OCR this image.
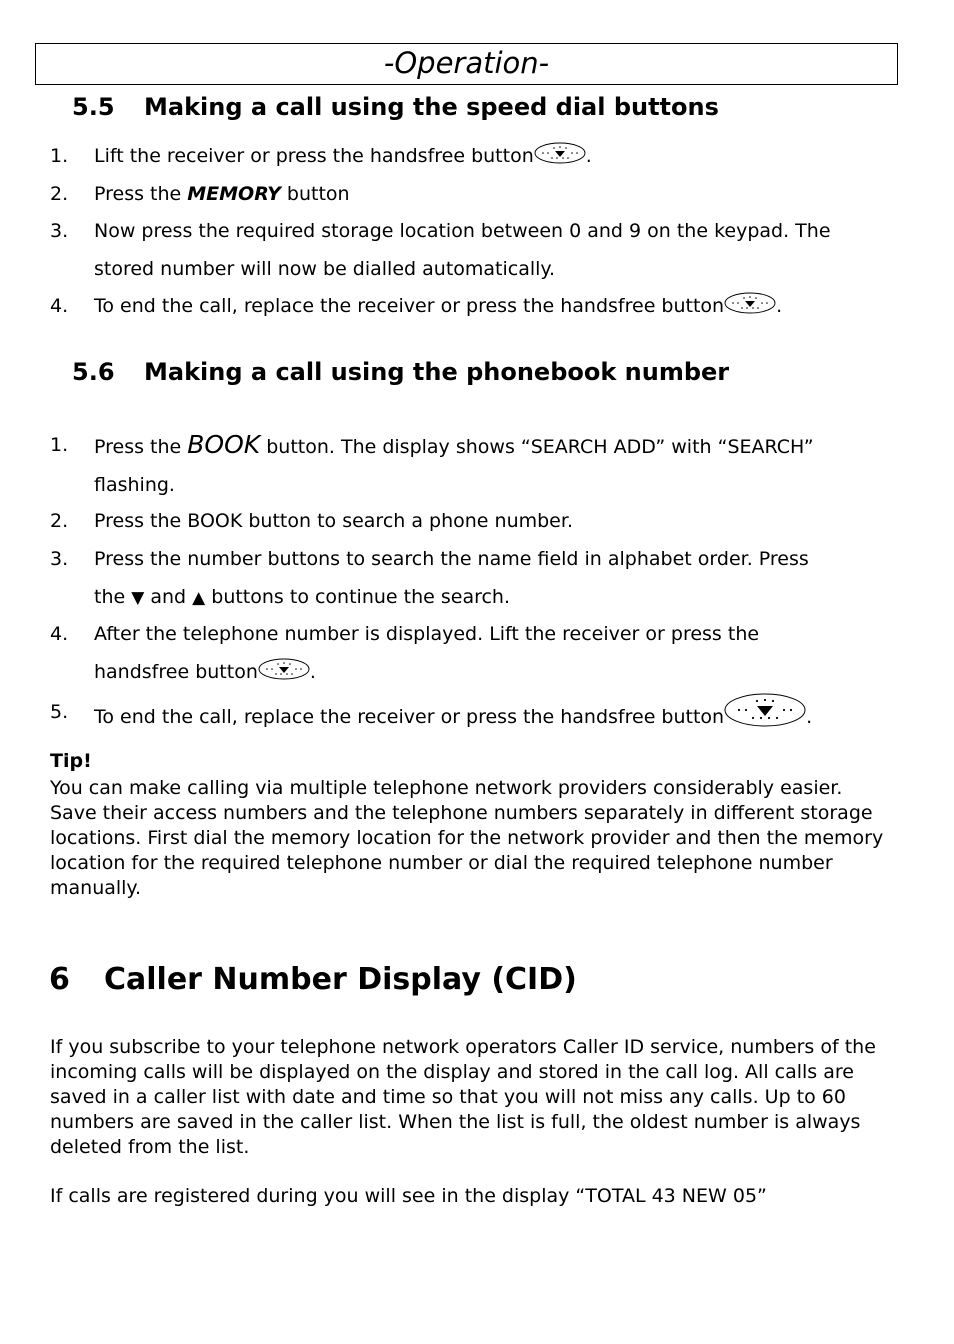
-Operation-
5.5 Making a call using the speed dial buttons
1. Lift the receiver or press the handsfree button	.
2. Press the MEMORY button
3. Now press the required storage location between 0 and 9 on the keypad. The
stored number will now be dialled automatically.
4. To end the call, replace the receiver or press the handsfree button	.
5.6 Making a call using the phonebook number
1. Press the BOOK button. The display shows “SEARCH ADD” with “SEARCH”
flashing.
2. Press the BOOK button to search a phone number.
3. Press the number buttons to search the name field in alphabet order. Press
the ▼ and ▲ buttons to continue the search.
4. After the telephone number is displayed. Lift the receiver or press the
handsfree button	.
5. To end the call, replace the receiver or press the handsfree button	.
Tip!

You can make calling via multiple telephone network providers considerably easier. Save their access numbers and the telephone numbers separately in different storage locations. First dial the memory location for the network provider and then the memory location for the required telephone number or dial the required telephone number manually.

6 Caller Number Display (CID)

If you subscribe to your telephone network operators Caller ID service, numbers of the incoming calls will be displayed on the display and stored in the call log. All calls are saved in a caller list with date and time so that you will not miss any calls. Up to 60 numbers are saved in the caller list. When the list is full, the oldest number is always deleted from the list.

If calls are registered during you will see in the display “TOTAL 43 NEW 05”
